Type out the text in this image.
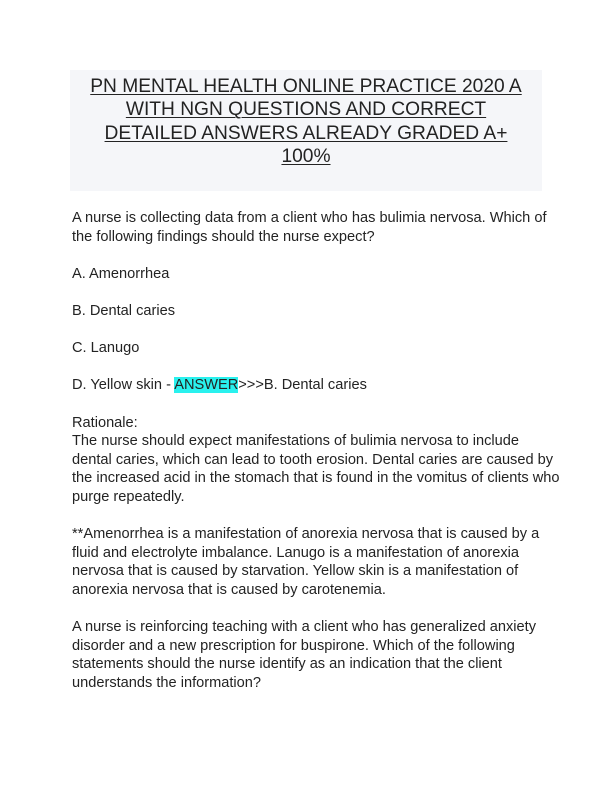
PN MENTAL HEALTH ONLINE PRACTICE 2020 A
WITH NGN QUESTIONS AND CORRECT
DETAILED ANSWERS ALREADY GRADED A+
100%
A nurse is collecting data from a client who has bulimia nervosa. Which of
the following findings should the nurse expect?
A. Amenorrhea
B. Dental caries
C. Lanugo
D. Yellow skin - ANSWER>>>B. Dental caries
Rationale:
The nurse should expect manifestations of bulimia nervosa to include
dental caries, which can lead to tooth erosion. Dental caries are caused by
the increased acid in the stomach that is found in the vomitus of clients who
purge repeatedly.
**Amenorrhea is a manifestation of anorexia nervosa that is caused by a
fluid and electrolyte imbalance. Lanugo is a manifestation of anorexia
nervosa that is caused by starvation. Yellow skin is a manifestation of
anorexia nervosa that is caused by carotenemia.
A nurse is reinforcing teaching with a client who has generalized anxiety
disorder and a new prescription for buspirone. Which of the following
statements should the nurse identify as an indication that the client
understands the information?
